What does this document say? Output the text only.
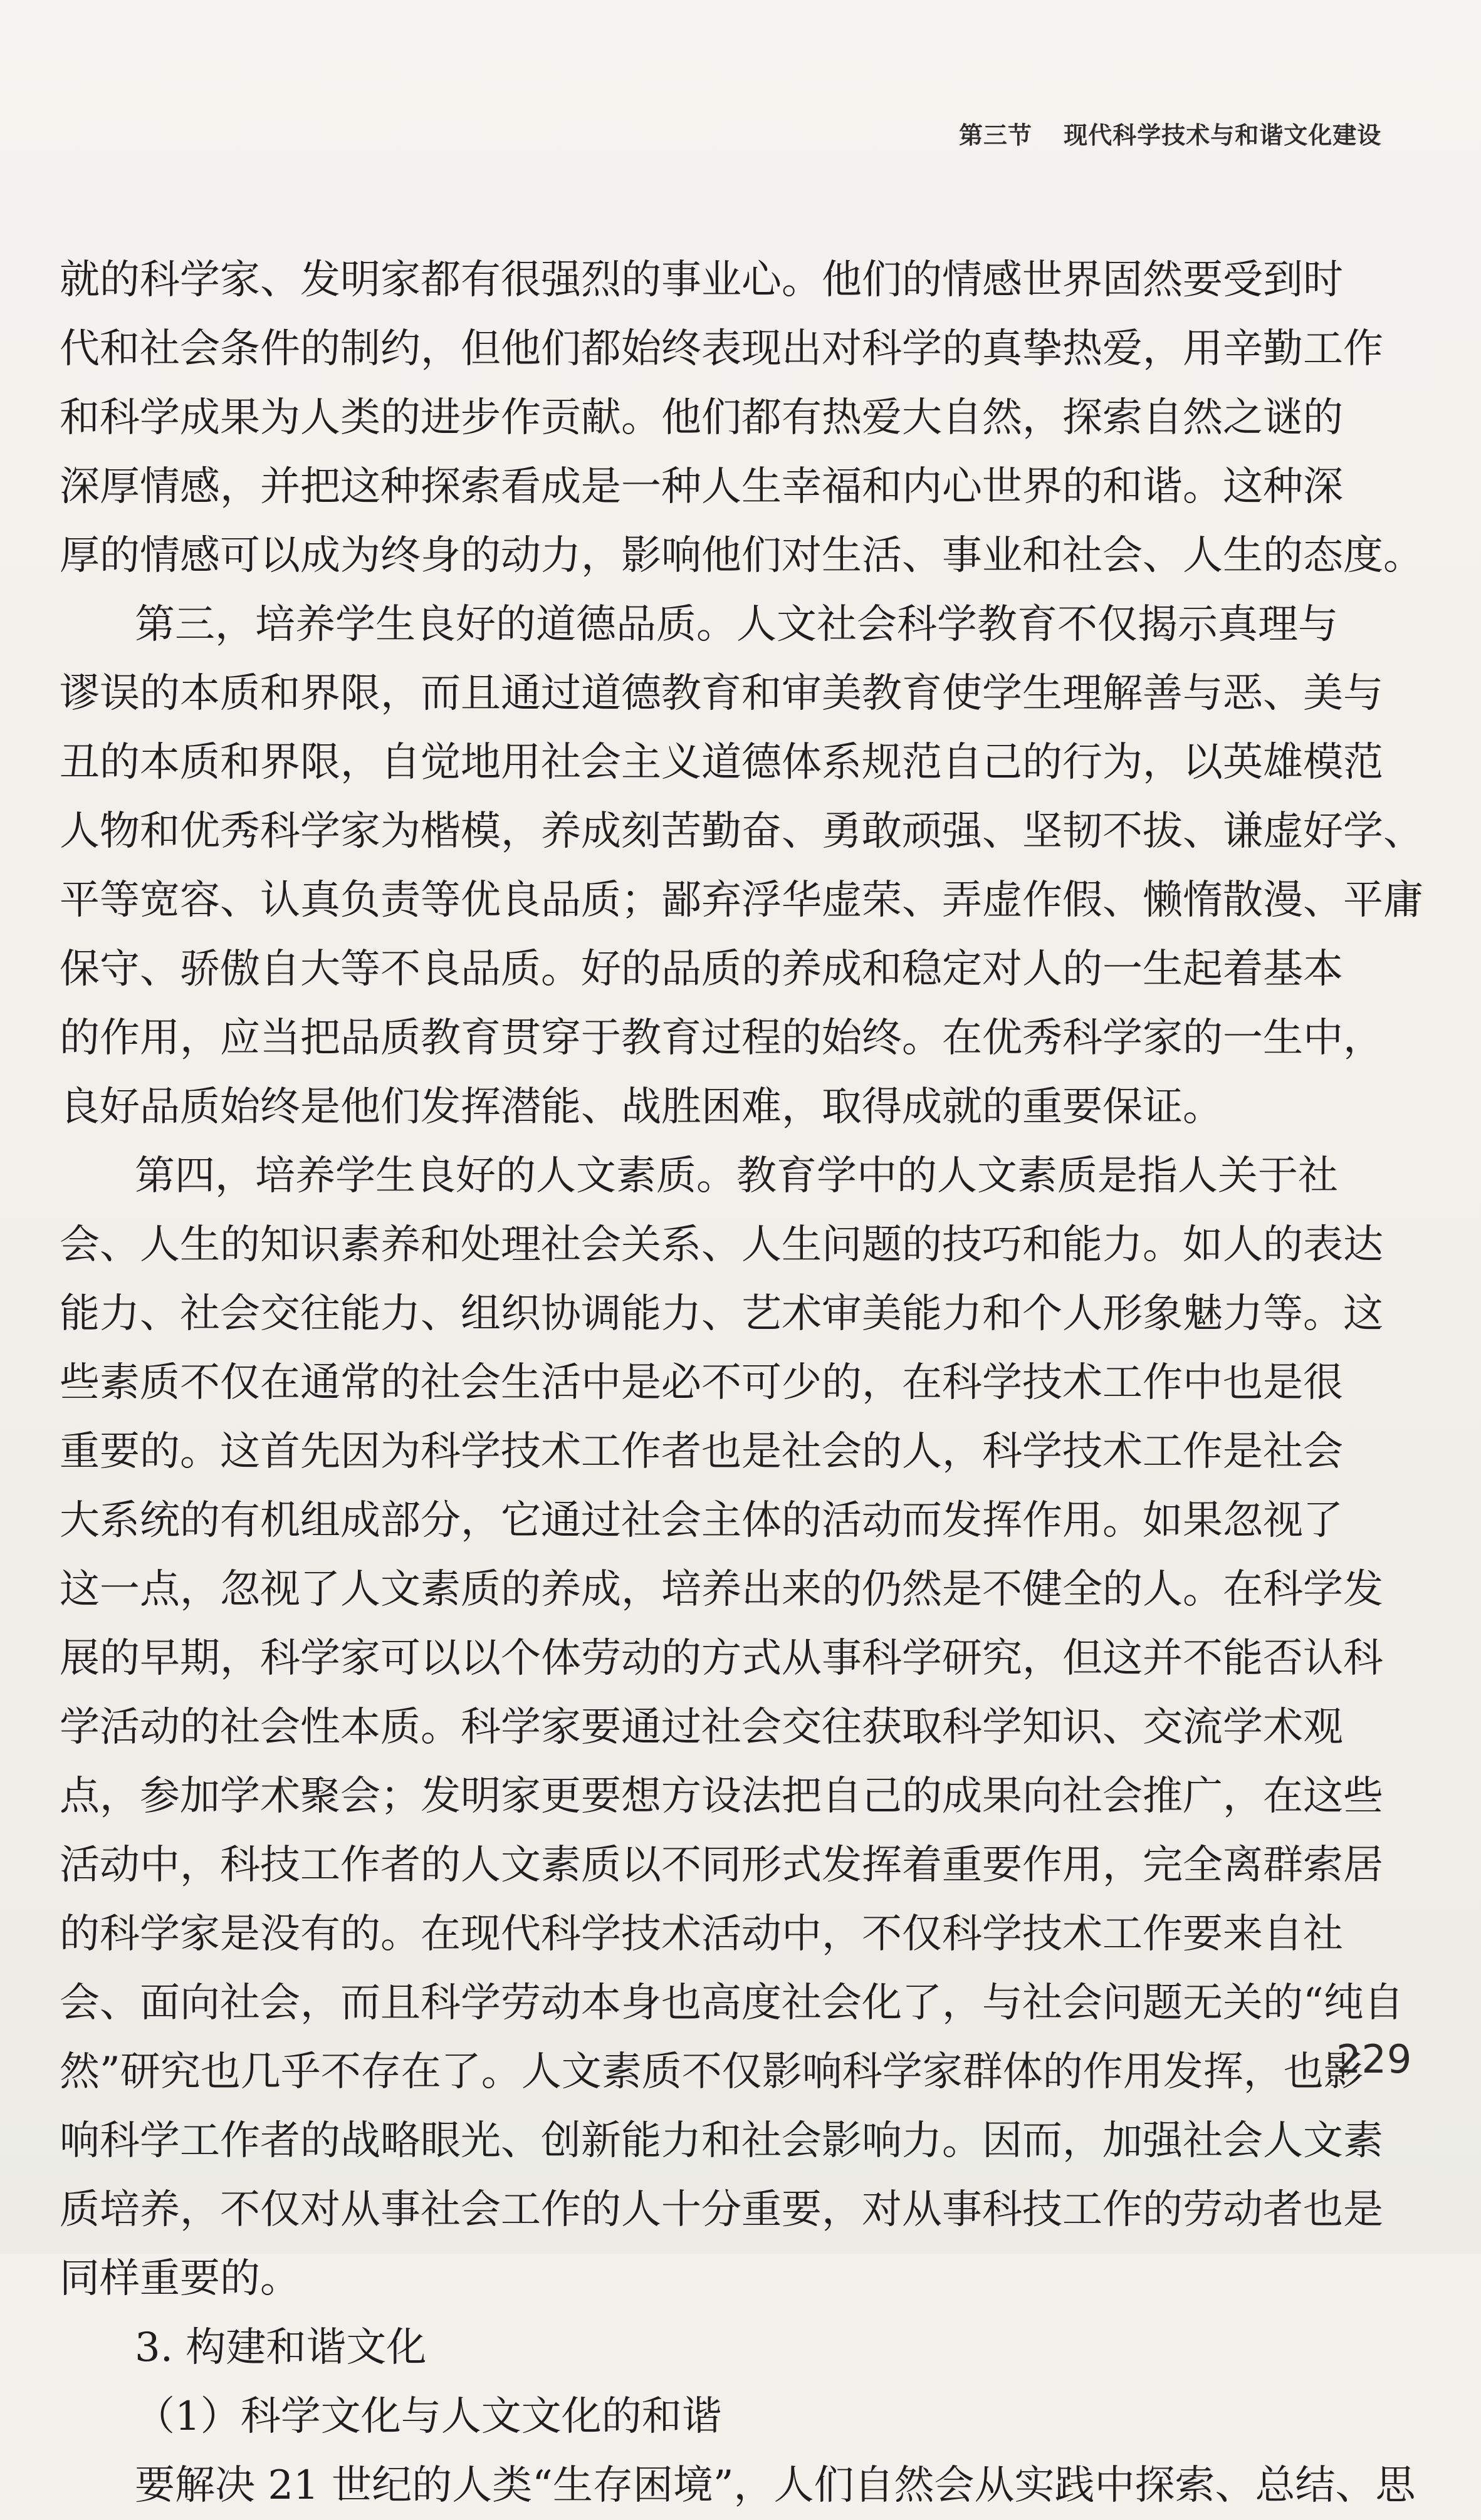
第三节 现代科学技术与和谐文化建设
就的科学家、发明家都有很强烈的事业心。他们的情感世界固然要受到时
代和社会条件的制约，但他们都始终表现出对科学的真挚热爱，用辛勤工作
和科学成果为人类的进步作贡献。他们都有热爱大自然，探索自然之谜的
深厚情感，并把这种探索看成是一种人生幸福和内心世界的和谐。这种深
厚的情感可以成为终身的动力，影响他们对生活、事业和社会、人生的态度。
第三，培养学生良好的道德品质。人文社会科学教育不仅揭示真理与
谬误的本质和界限，而且通过道德教育和审美教育使学生理解善与恶、美与
丑的本质和界限，自觉地用社会主义道德体系规范自己的行为，以英雄模范
人物和优秀科学家为楷模，养成刻苦勤奋、勇敢顽强、坚韧不拔、谦虚好学、
平等宽容、认真负责等优良品质；鄙弃浮华虚荣、弄虚作假、懒惰散漫、平庸
保守、骄傲自大等不良品质。好的品质的养成和稳定对人的一生起着基本
的作用，应当把品质教育贯穿于教育过程的始终。在优秀科学家的一生中，
良好品质始终是他们发挥潜能、战胜困难，取得成就的重要保证。
第四，培养学生良好的人文素质。教育学中的人文素质是指人关于社
会、人生的知识素养和处理社会关系、人生问题的技巧和能力。如人的表达
能力、社会交往能力、组织协调能力、艺术审美能力和个人形象魅力等。这
些素质不仅在通常的社会生活中是必不可少的，在科学技术工作中也是很
重要的。这首先因为科学技术工作者也是社会的人，科学技术工作是社会
大系统的有机组成部分，它通过社会主体的活动而发挥作用。如果忽视了
这一点，忽视了人文素质的养成，培养出来的仍然是不健全的人。在科学发
展的早期，科学家可以以个体劳动的方式从事科学研究，但这并不能否认科
学活动的社会性本质。科学家要通过社会交往获取科学知识、交流学术观
点，参加学术聚会；发明家更要想方设法把自己的成果向社会推广，在这些
活动中，科技工作者的人文素质以不同形式发挥着重要作用，完全离群索居
的科学家是没有的。在现代科学技术活动中，不仅科学技术工作要来自社
会、面向社会，而且科学劳动本身也高度社会化了，与社会问题无关的“纯自
然”研究也几乎不存在了。人文素质不仅影响科学家群体的作用发挥，也影
响科学工作者的战略眼光、创新能力和社会影响力。因而，加强社会人文素
质培养，不仅对从事社会工作的人十分重要，对从事科技工作的劳动者也是
同样重要的。
3. 构建和谐文化
（1）科学文化与人文文化的和谐
要解决 21 世纪的人类“生存困境”，人们自然会从实践中探索、总结、思
229
